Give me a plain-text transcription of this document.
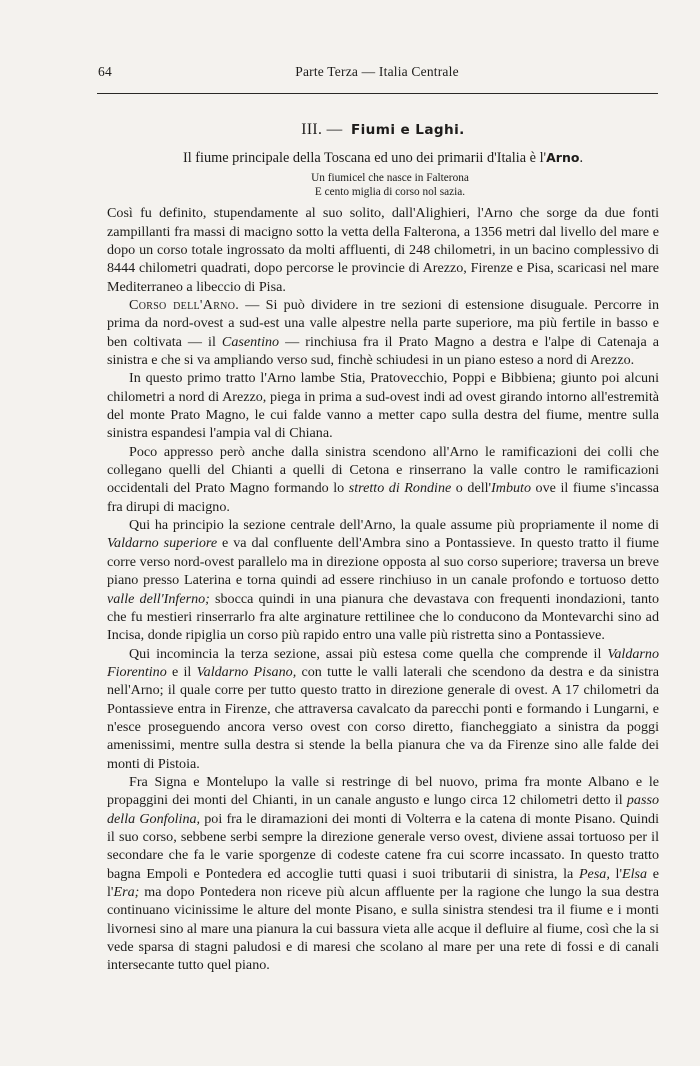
64	Parte Terza — Italia Centrale
III. — Fiumi e Laghi.
Il fiume principale della Toscana ed uno dei primarii d'Italia è l'Arno.
Un fiumicel che nasce in Falterona
E cento miglia di corso nol sazia.

Così fu definito, stupendamente al suo solito, dall'Alighieri, l'Arno che sorge da due fonti zampillanti fra massi di macigno sotto la vetta della Falterona, a 1356 metri dal livello del mare e dopo un corso totale ingrossato da molti affluenti, di 248 chilometri, in un bacino complessivo di 8444 chilometri quadrati, dopo percorse le provincie di Arezzo, Firenze e Pisa, scaricasi nel mare Mediterraneo a libeccio di Pisa.

Corso dell'Arno. — Si può dividere in tre sezioni di estensione disuguale. Percorre in prima da nord-ovest a sud-est una valle alpestre nella parte superiore, ma più fertile in basso e ben coltivata — il Casentino — rinchiusa fra il Prato Magno a destra e l'alpe di Catenaja a sinistra e che si va ampliando verso sud, finchè schiudesi in un piano esteso a nord di Arezzo.

In questo primo tratto l'Arno lambe Stia, Pratovecchio, Poppi e Bibbiena; giunto poi alcuni chilometri a nord di Arezzo, piega in prima a sud-ovest indi ad ovest girando intorno all'estremità del monte Prato Magno, le cui falde vanno a metter capo sulla destra del fiume, mentre sulla sinistra espandesi l'ampia val di Chiana.

Poco appresso però anche dalla sinistra scendono all'Arno le ramificazioni dei colli che collegano quelli del Chianti a quelli di Cetona e rinserrano la valle contro le ramificazioni occidentali del Prato Magno formando lo stretto di Rondine o dell'Imbuto ove il fiume s'incassa fra dirupi di macigno.

Qui ha principio la sezione centrale dell'Arno, la quale assume più propriamente il nome di Valdarno superiore e va dal confluente dell'Ambra sino a Pontassieve. In questo tratto il fiume corre verso nord-ovest parallelo ma in direzione opposta al suo corso superiore; traversa un breve piano presso Laterina e torna quindi ad essere rinchiuso in un canale profondo e tortuoso detto valle dell'Inferno; sbocca quindi in una pianura che devastava con frequenti inondazioni, tanto che fu mestieri rinserrarlo fra alte arginature rettilinee che lo conducono da Montevarchi sino ad Incisa, donde ripiglia un corso più rapido entro una valle più ristretta sino a Pontassieve.

Qui incomincia la terza sezione, assai più estesa come quella che comprende il Valdarno Fiorentino e il Valdarno Pisano, con tutte le valli laterali che scendono da destra e da sinistra nell'Arno; il quale corre per tutto questo tratto in direzione generale di ovest. A 17 chilometri da Pontassieve entra in Firenze, che attraversa cavalcato da parecchi ponti e formando i Lungarni, e n'esce proseguendo ancora verso ovest con corso diretto, fiancheggiato a sinistra da poggi amenissimi, mentre sulla destra si stende la bella pianura che va da Firenze sino alle falde dei monti di Pistoia.

Fra Signa e Montelupo la valle si restringe di bel nuovo, prima fra monte Albano e le propaggini dei monti del Chianti, in un canale angusto e lungo circa 12 chilometri detto il passo della Gonfolina, poi fra le diramazioni dei monti di Volterra e la catena di monte Pisano. Quindi il suo corso, sebbene serbi sempre la direzione generale verso ovest, diviene assai tortuoso per il secondare che fa le varie sporgenze di codeste catene fra cui scorre incassato. In questo tratto bagna Empoli e Pontedera ed accoglie tutti quasi i suoi tributarii di sinistra, la Pesa, l'Elsa e l'Era; ma dopo Pontedera non riceve più alcun affluente per la ragione che lungo la sua destra continuano vicinissime le alture del monte Pisano, e sulla sinistra stendesi tra il fiume e i monti livornesi sino al mare una pianura la cui bassura vieta alle acque il defluire al fiume, così che la si vede sparsa di stagni paludosi e di maresi che scolano al mare per una rete di fossi e di canali intersecante tutto quel piano.
